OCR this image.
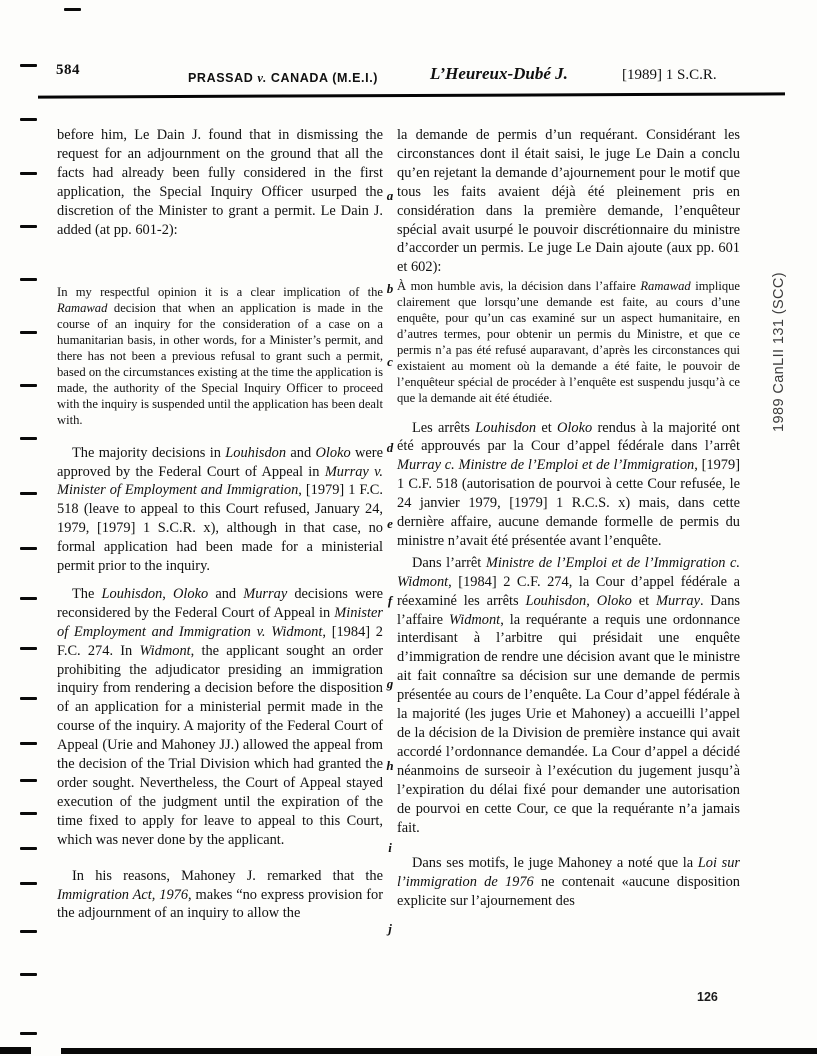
584	PRASSAD v. CANADA (M.E.I.)	L’Heureux-Dubé J.	[1989] 1 S.C.R.

before him, Le Dain J. found that in dismissing the request for an adjournment on the ground that all the facts had already been fully considered in the first application, the Special Inquiry Officer usurped the discretion of the Minister to grant a permit. Le Dain J. added (at pp. 601-2):

In my respectful opinion it is a clear implication of the Ramawad decision that when an application is made in the course of an inquiry for the consideration of a case on a humanitarian basis, in other words, for a Minister’s permit, and there has not been a previous refusal to grant such a permit, based on the circumstances existing at the time the application is made, the authority of the Special Inquiry Officer to proceed with the inquiry is suspended until the application has been dealt with.

The majority decisions in Louhisdon and Oloko were approved by the Federal Court of Appeal in Murray v. Minister of Employment and Immigration, [1979] 1 F.C. 518 (leave to appeal to this Court refused, January 24, 1979, [1979] 1 S.C.R. x), although in that case, no formal application had been made for a ministerial permit prior to the inquiry.

The Louhisdon, Oloko and Murray decisions were reconsidered by the Federal Court of Appeal in Minister of Employment and Immigration v. Widmont, [1984] 2 F.C. 274. In Widmont, the applicant sought an order prohibiting the adjudicator presiding an immigration inquiry from rendering a decision before the disposition of an application for a ministerial permit made in the course of the inquiry. A majority of the Federal Court of Appeal (Urie and Mahoney JJ.) allowed the appeal from the decision of the Trial Division which had granted the order sought. Nevertheless, the Court of Appeal stayed execution of the judgment until the expiration of the time fixed to apply for leave to appeal to this Court, which was never done by the applicant.

In his reasons, Mahoney J. remarked that the Immigration Act, 1976, makes “no express provision for the adjournment of an inquiry to allow the

la demande de permis d’un requérant. Considérant les circonstances dont il était saisi, le juge Le Dain a conclu qu’en rejetant la demande d’ajournement pour le motif que tous les faits avaient déjà été pleinement pris en considération dans la première demande, l’enquêteur spécial avait usurpé le pouvoir discrétionnaire du ministre d’accorder un permis. Le juge Le Dain ajoute (aux pp. 601 et 602):

À mon humble avis, la décision dans l’affaire Ramawad implique clairement que lorsqu’une demande est faite, au cours d’une enquête, pour qu’un cas examiné sur un aspect humanitaire, en d’autres termes, pour obtenir un permis du Ministre, et que ce permis n’a pas été refusé auparavant, d’après les circonstances qui existaient au moment où la demande a été faite, le pouvoir de l’enquêteur spécial de procéder à l’enquête est suspendu jusqu’à ce que la demande ait été étudiée.

Les arrêts Louhisdon et Oloko rendus à la majorité ont été approuvés par la Cour d’appel fédérale dans l’arrêt Murray c. Ministre de l’Emploi et de l’Immigration, [1979] 1 C.F. 518 (autorisation de pourvoi à cette Cour refusée, le 24 janvier 1979, [1979] 1 R.C.S. x) mais, dans cette dernière affaire, aucune demande formelle de permis du ministre n’avait été présentée avant l’enquête.

Dans l’arrêt Ministre de l’Emploi et de l’Immigration c. Widmont, [1984] 2 C.F. 274, la Cour d’appel fédérale a réexaminé les arrêts Louhisdon, Oloko et Murray. Dans l’affaire Widmont, la requérante a requis une ordonnance interdisant à l’arbitre qui présidait une enquête d’immigration de rendre une décision avant que le ministre ait fait connaître sa décision sur une demande de permis présentée au cours de l’enquête. La Cour d’appel fédérale à la majorité (les juges Urie et Mahoney) a accueilli l’appel de la décision de la Division de première instance qui avait accordé l’ordonnance demandée. La Cour d’appel a décidé néanmoins de surseoir à l’exécution du jugement jusqu’à l’expiration du délai fixé pour demander une autorisation de pourvoi en cette Cour, ce que la requérante n’a jamais fait.

Dans ses motifs, le juge Mahoney a noté que la Loi sur l’immigration de 1976 ne contenait «aucune disposition explicite sur l’ajournement des

a
b
c
d
e
f
g
h
i
j
1989 CanLII 131 (SCC)
126
